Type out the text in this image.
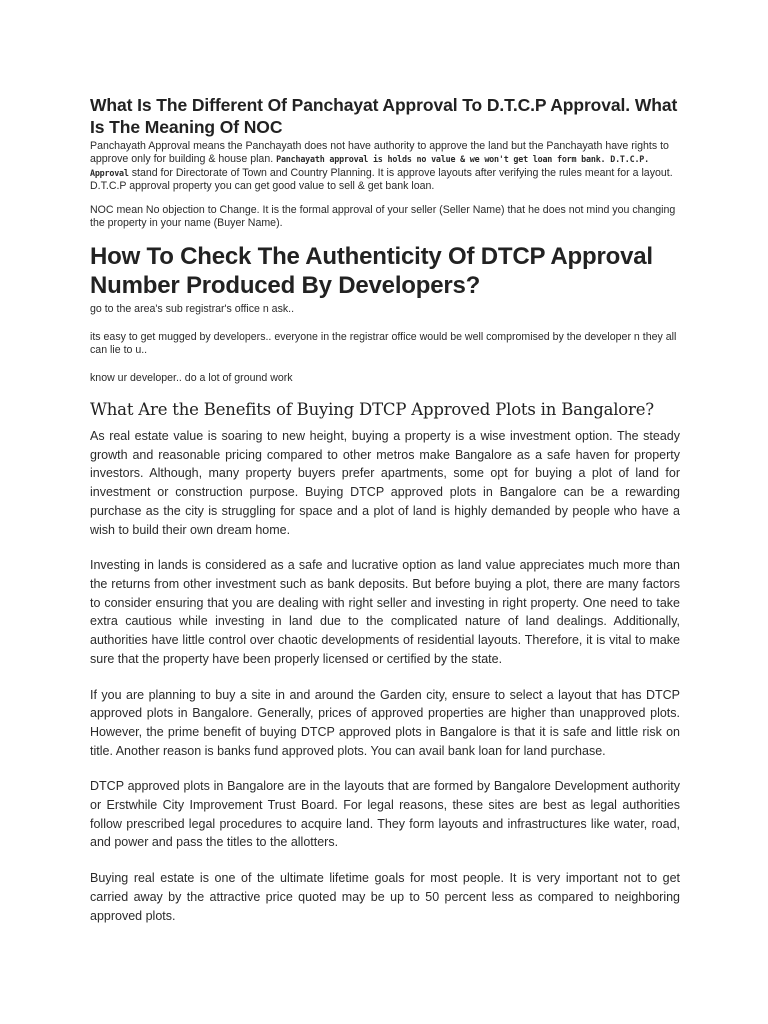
What Is The Different Of Panchayat Approval To D.T.C.P Approval. What Is The Meaning Of NOC

Panchayath Approval means the Panchayath does not have authority to approve the land but the Panchayath have rights to approve only for building & house plan. Panchayath approval is holds no value & we won't get loan form bank. D.T.C.P. Approval stand for Directorate of Town and Country Planning. It is approve layouts after verifying the rules meant for a layout. D.T.C.P approval property you can get good value to sell & get bank loan.

NOC mean No objection to Change. It is the formal approval of your seller (Seller Name) that he does not mind you changing the property in your name (Buyer Name).

How To Check The Authenticity Of DTCP Approval Number Produced By Developers?

go to the area's sub registrar's office n ask..

its easy to get mugged by developers.. everyone in the registrar office would be well compromised by the developer n they all can lie to u..

know ur developer.. do a lot of ground work

What Are the Benefits of Buying DTCP Approved Plots in Bangalore?

As real estate value is soaring to new height, buying a property is a wise investment option. The steady growth and reasonable pricing compared to other metros make Bangalore as a safe haven for property investors. Although, many property buyers prefer apartments, some opt for buying a plot of land for investment or construction purpose. Buying DTCP approved plots in Bangalore can be a rewarding purchase as the city is struggling for space and a plot of land is highly demanded by people who have a wish to build their own dream home.

Investing in lands is considered as a safe and lucrative option as land value appreciates much more than the returns from other investment such as bank deposits. But before buying a plot, there are many factors to consider ensuring that you are dealing with right seller and investing in right property. One need to take extra cautious while investing in land due to the complicated nature of land dealings. Additionally, authorities have little control over chaotic developments of residential layouts. Therefore, it is vital to make sure that the property have been properly licensed or certified by the state.

If you are planning to buy a site in and around the Garden city, ensure to select a layout that has DTCP approved plots in Bangalore. Generally, prices of approved properties are higher than unapproved plots. However, the prime benefit of buying DTCP approved plots in Bangalore is that it is safe and little risk on title. Another reason is banks fund approved plots. You can avail bank loan for land purchase.

DTCP approved plots in Bangalore are in the layouts that are formed by Bangalore Development authority or Erstwhile City Improvement Trust Board. For legal reasons, these sites are best as legal authorities follow prescribed legal procedures to acquire land. They form layouts and infrastructures like water, road, and power and pass the titles to the allotters.

Buying real estate is one of the ultimate lifetime goals for most people. It is very important not to get carried away by the attractive price quoted may be up to 50 percent less as compared to neighboring approved plots.
